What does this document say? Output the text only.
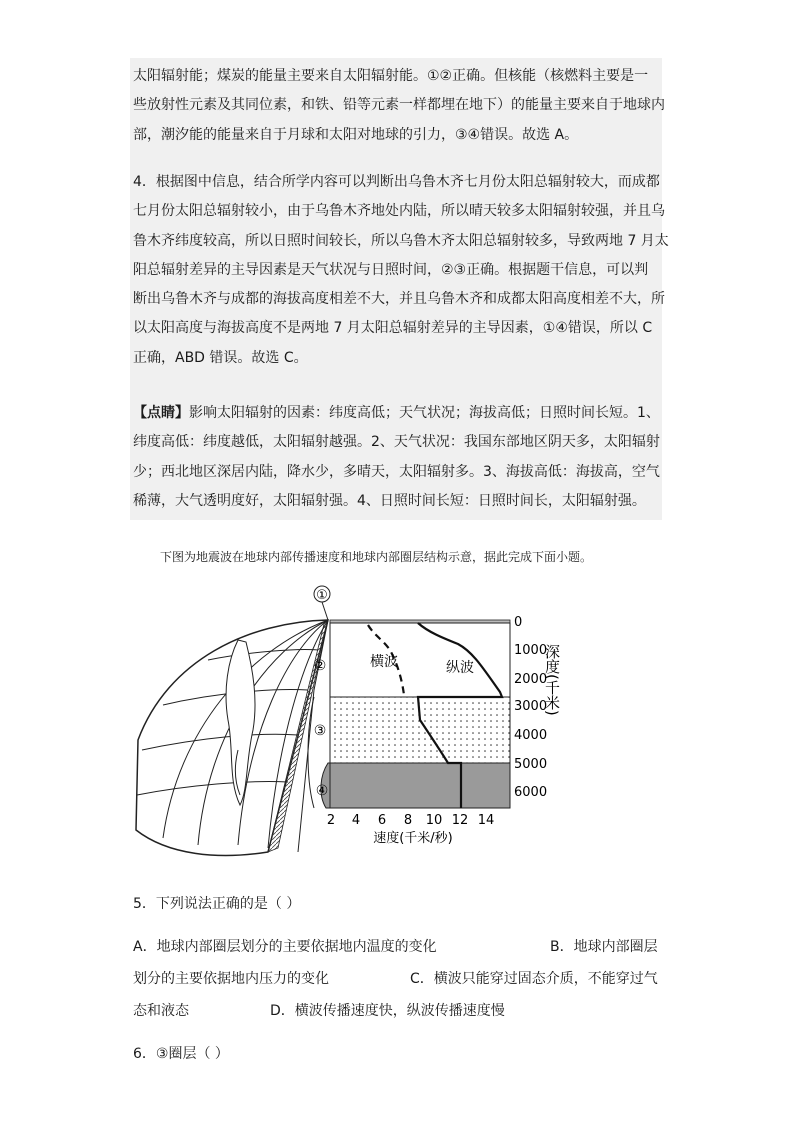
太阳辐射能；煤炭的能量主要来自太阳辐射能。①②正确。但核能（核燃料主要是一
些放射性元素及其同位素，和铁、铅等元素一样都埋在地下）的能量主要来自于地球内
部，潮汐能的能量来自于月球和太阳对地球的引力，③④错误。故选 A。
4．根据图中信息，结合所学内容可以判断出乌鲁木齐七月份太阳总辐射较大，而成都
七月份太阳总辐射较小，由于乌鲁木齐地处内陆，所以晴天较多太阳辐射较强，并且乌
鲁木齐纬度较高，所以日照时间较长，所以乌鲁木齐太阳总辐射较多，导致两地 7 月太
阳总辐射差异的主导因素是天气状况与日照时间，②③正确。根据题干信息，可以判
断出乌鲁木齐与成都的海拔高度相差不大，并且乌鲁木齐和成都太阳高度相差不大，所
以太阳高度与海拔高度不是两地 7 月太阳总辐射差异的主导因素，①④错误，所以 C
正确，ABD 错误。故选 C。
【点睛】影响太阳辐射的因素：纬度高低；天气状况；海拔高低；日照时间长短。1、
纬度高低：纬度越低，太阳辐射越强。2、天气状况：我国东部地区阴天多，太阳辐射
少；西北地区深居内陆，降水少，多晴天，太阳辐射多。3、海拔高低：海拔高，空气
稀薄，大气透明度好，太阳辐射强。4、日照时间长短：日照时间长，太阳辐射强。
下图为地震波在地球内部传播速度和地球内部圈层结构示意，据此完成下面小题。
①
②
③
④
横波	纵波
0
1000
2000
3000
4000
5000
6000
深度(千米)
2 4 6 8 10 12 14
速度(千米/秒)
5．下列说法正确的是（ ）
A．地球内部圈层划分的主要依据地内温度的变化	B．地球内部圈层
划分的主要依据地内压力的变化	C．横波只能穿过固态介质，不能穿过气
态和液态	D．横波传播速度快，纵波传播速度慢
6．③圈层（ ）
